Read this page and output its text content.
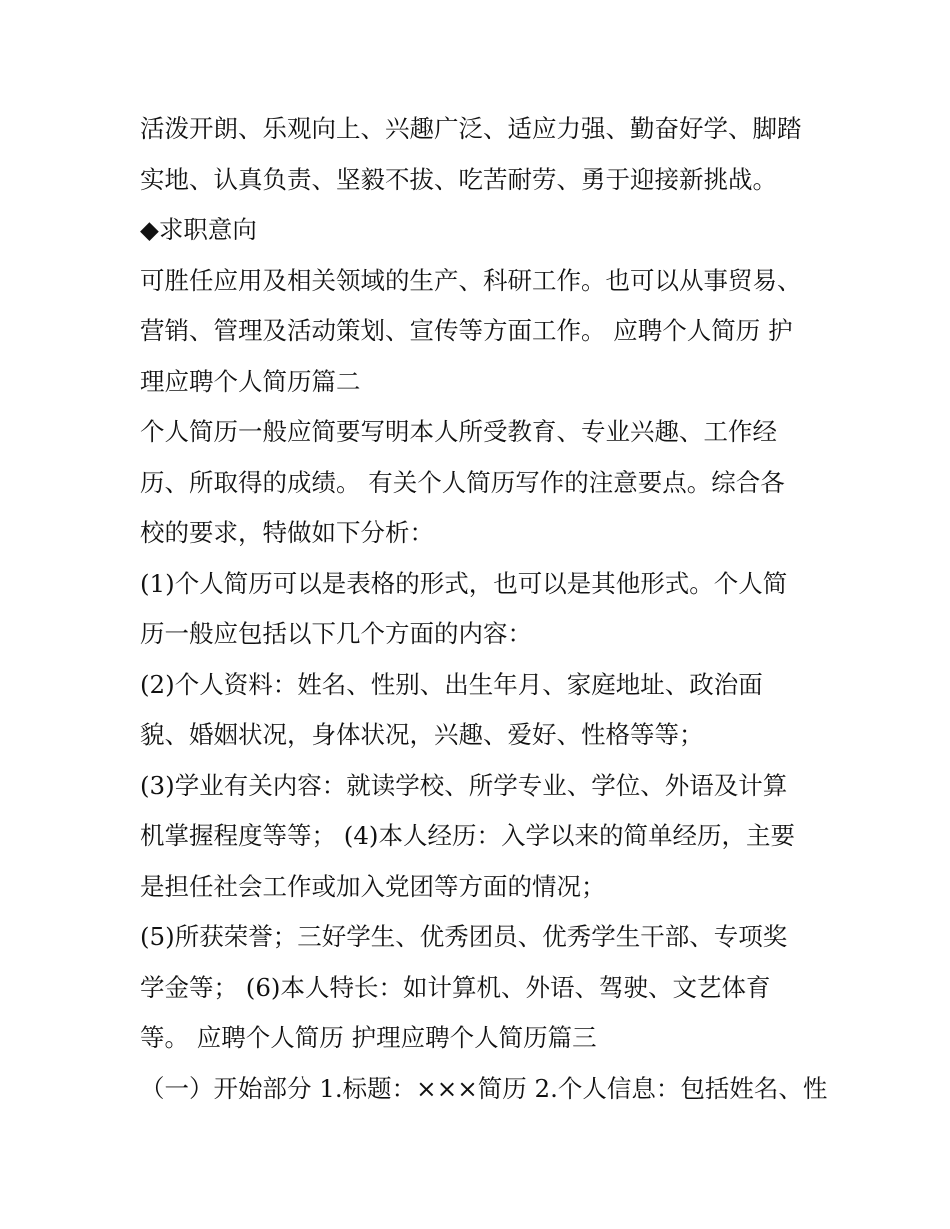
活泼开朗、乐观向上、兴趣广泛、适应力强、勤奋好学、脚踏
实地、认真负责、坚毅不拔、吃苦耐劳、勇于迎接新挑战。
◆求职意向
可胜任应用及相关领域的生产、科研工作。也可以从事贸易、
营销、管理及活动策划、宣传等方面工作。 应聘个人简历 护
理应聘个人简历篇二
个人简历一般应简要写明本人所受教育、专业兴趣、工作经
历、所取得的成绩。 有关个人简历写作的注意要点。综合各
校的要求，特做如下分析：
(1)个人简历可以是表格的形式，也可以是其他形式。个人简
历一般应包括以下几个方面的内容：
(2)个人资料：姓名、性别、出生年月、家庭地址、政治面
貌、婚姻状况，身体状况，兴趣、爱好、性格等等；
(3)学业有关内容：就读学校、所学专业、学位、外语及计算
机掌握程度等等； (4)本人经历：入学以来的简单经历，主要
是担任社会工作或加入党团等方面的情况；
(5)所获荣誉；三好学生、优秀团员、优秀学生干部、专项奖
学金等； (6)本人特长：如计算机、外语、驾驶、文艺体育
等。 应聘个人简历 护理应聘个人简历篇三
（一）开始部分 1.标题：×××简历 2.个人信息：包括姓名、性
